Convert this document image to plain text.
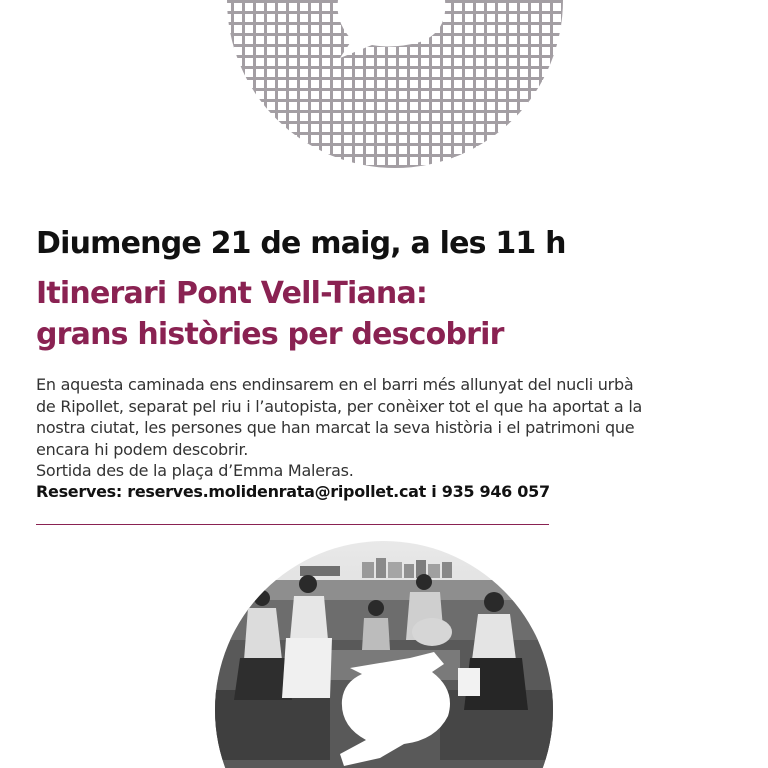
Diumenge 21 de maig, a les 11 h
Itinerari Pont Vell-Tiana:
grans històries per descobrir
En aquesta caminada ens endinsarem en el barri més allunyat del nucli urbà
de Ripollet, separat pel riu i l’autopista, per conèixer tot el que ha aportat a la
nostra ciutat, les persones que han marcat la seva història i el patrimoni que
encara hi podem descobrir.
Sortida des de la plaça d’Emma Maleras.

Reserves: reserves.molidenrata@ripollet.cat i 935 946 057
